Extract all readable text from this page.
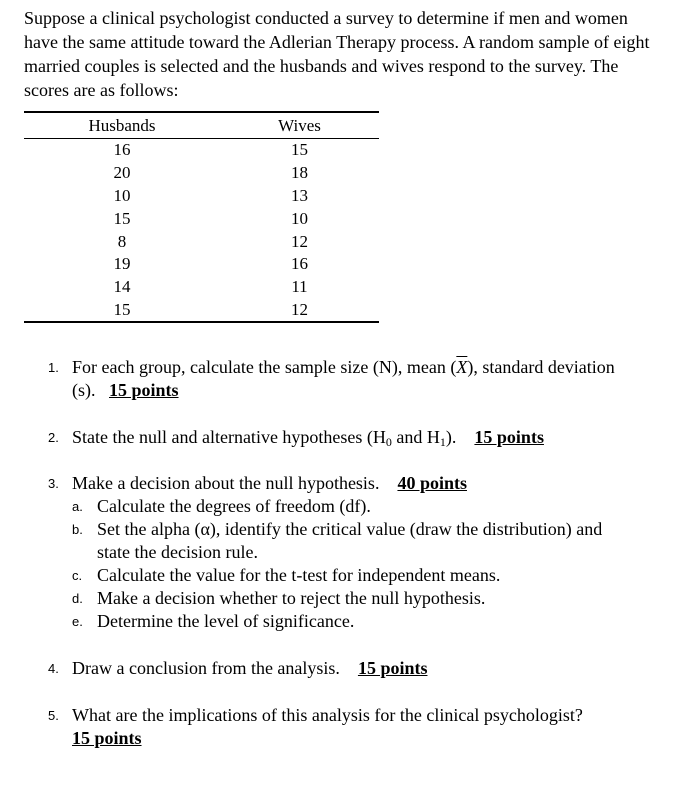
Suppose a clinical psychologist conducted a survey to determine if men and women have the same attitude toward the Adlerian Therapy process. A random sample of eight married couples is selected and the husbands and wives respond to the survey. The scores are as follows:

Husbands	Wives
16	15
20	18
10	13
15	10
8	12
19	16
14	11
15	12
1. For each group, calculate the sample size (N), mean $(\overline{X})$, standard deviation (s). 15 points
2. State the null and alternative hypotheses ($H_0$ and $H_1$). 15 points
3. Make a decision about the null hypothesis. 40 points
a. Calculate the degrees of freedom (df).
b. Set the alpha (α), identify the critical value (draw the distribution) and state the decision rule.
c. Calculate the value for the t-test for independent means.
d. Make a decision whether to reject the null hypothesis.
e. Determine the level of significance.
4. Draw a conclusion from the analysis. 15 points
5. What are the implications of this analysis for the clinical psychologist?
15 points
